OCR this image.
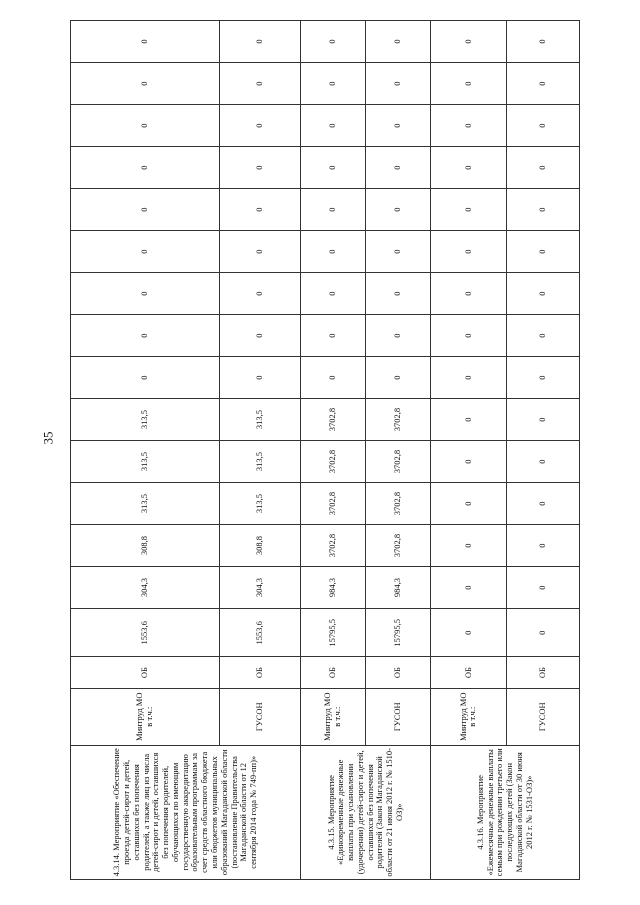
35
4.3.14. Мероприятие «Обеспечение проезда детей-сирот и детей, оставшихся без попечения родителей, а также лиц из числа детей-сирот и детей, оставшихся без попечения родителей, обучающихся по имеющим государственную аккредитацию образовательным программам за счет средств областного бюджета или бюджетов муниципальных образований Магаданской области (постановление Правительства Магаданской области от 12 сентября 2014 года № 749-пп)»	Минтруд МО в т.ч.:	ОБ	1553,6	304,3	308,8	313,5	313,5	313,5	0	0	0	0	0	0	0	0	0
	ГУСОН	ОБ	1553,6	304,3	308,8	313,5	313,5	313,5	0	0	0	0	0	0	0	0	0
4.3.15. Мероприятие «Единовременные денежные выплаты при усыновлении (удочерении) детей-сирот и детей, оставшихся без попечения родителей (Закон Магаданской области от 21 июня 2012 г. № 1510-ОЗ)»	Минтруд МО в т.ч.:	ОБ	15795,5	984,3	3702,8	3702,8	3702,8	3702,8	0	0	0	0	0	0	0	0	0
	ГУСОН	ОБ	15795,5	984,3	3702,8	3702,8	3702,8	3702,8	0	0	0	0	0	0	0	0	0
4.3.16. Мероприятие «Ежемесячные денежные выплаты семьям при рождении третьего или последующих детей (Закон Магаданской области от 30 июня 2012 г. № 1531-ОЗ)»	Минтруд МО в т.ч.:	ОБ	0	0	0	0	0	0	0	0	0	0	0	0	0	0	0
	ГУСОН	ОБ	0	0	0	0	0	0	0	0	0	0	0	0	0	0	0
